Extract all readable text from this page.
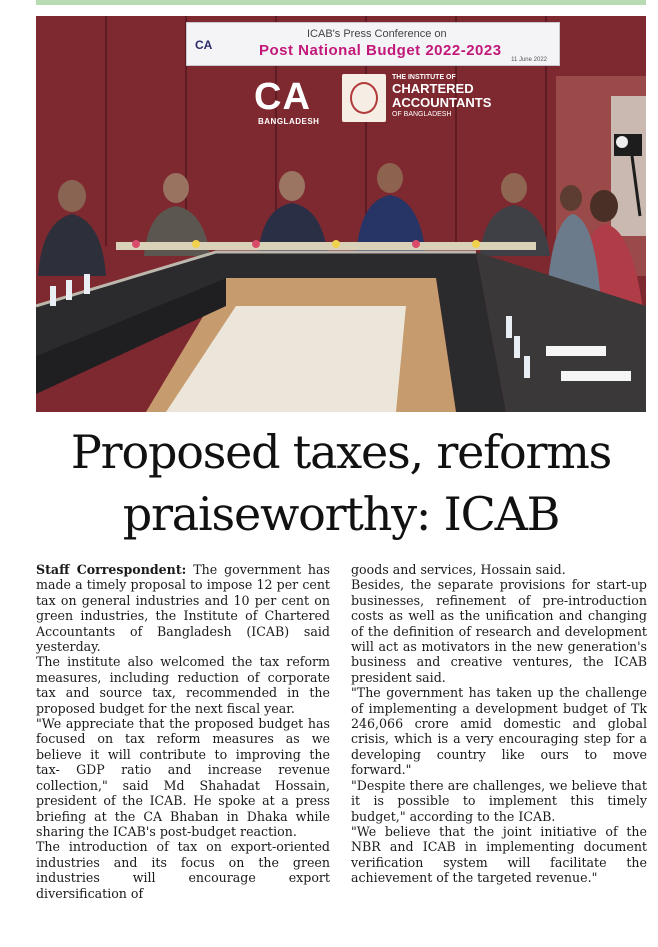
CA
ICAB's Press Conference on
Post National Budget 2022-2023
11 June 2022
CA
BANGLADESH
THE INSTITUTE OF
CHARTERED
ACCOUNTANTS
OF BANGLADESH
Proposed taxes, reforms
praiseworthy: ICAB

Staff Correspondent: The government has made a timely proposal to impose 12 per cent tax on general industries and 10 per cent on green industries, the Institute of Chartered Accountants of Bangladesh (ICAB) said yesterday.

The institute also welcomed the tax reform measures, including reduction of corporate tax and source tax, recommended in the proposed budget for the next fiscal year.

"We appreciate that the proposed budget has focused on tax reform measures as we believe it will contribute to improving the tax- GDP ratio and increase revenue collection," said Md Shahadat Hossain, president of the ICAB. He spoke at a press briefing at the CA Bhaban in Dhaka while sharing the ICAB's post-budget reaction.

The introduction of tax on export-oriented industries and its focus on the green industries will encourage export diversification of

goods and services, Hossain said.

Besides, the separate provisions for start-up businesses, refinement of pre-introduction costs as well as the unification and changing of the definition of research and development will act as motivators in the new generation's business and creative ventures, the ICAB president said.

"The government has taken up the challenge of implementing a development budget of Tk 246,066 crore amid domestic and global crisis, which is a very encouraging step for a developing country like ours to move forward."

"Despite there are challenges, we believe that it is possible to implement this timely budget," according to the ICAB.

"We believe that the joint initiative of the NBR and ICAB in implementing document verification system will facilitate the achievement of the targeted revenue."
